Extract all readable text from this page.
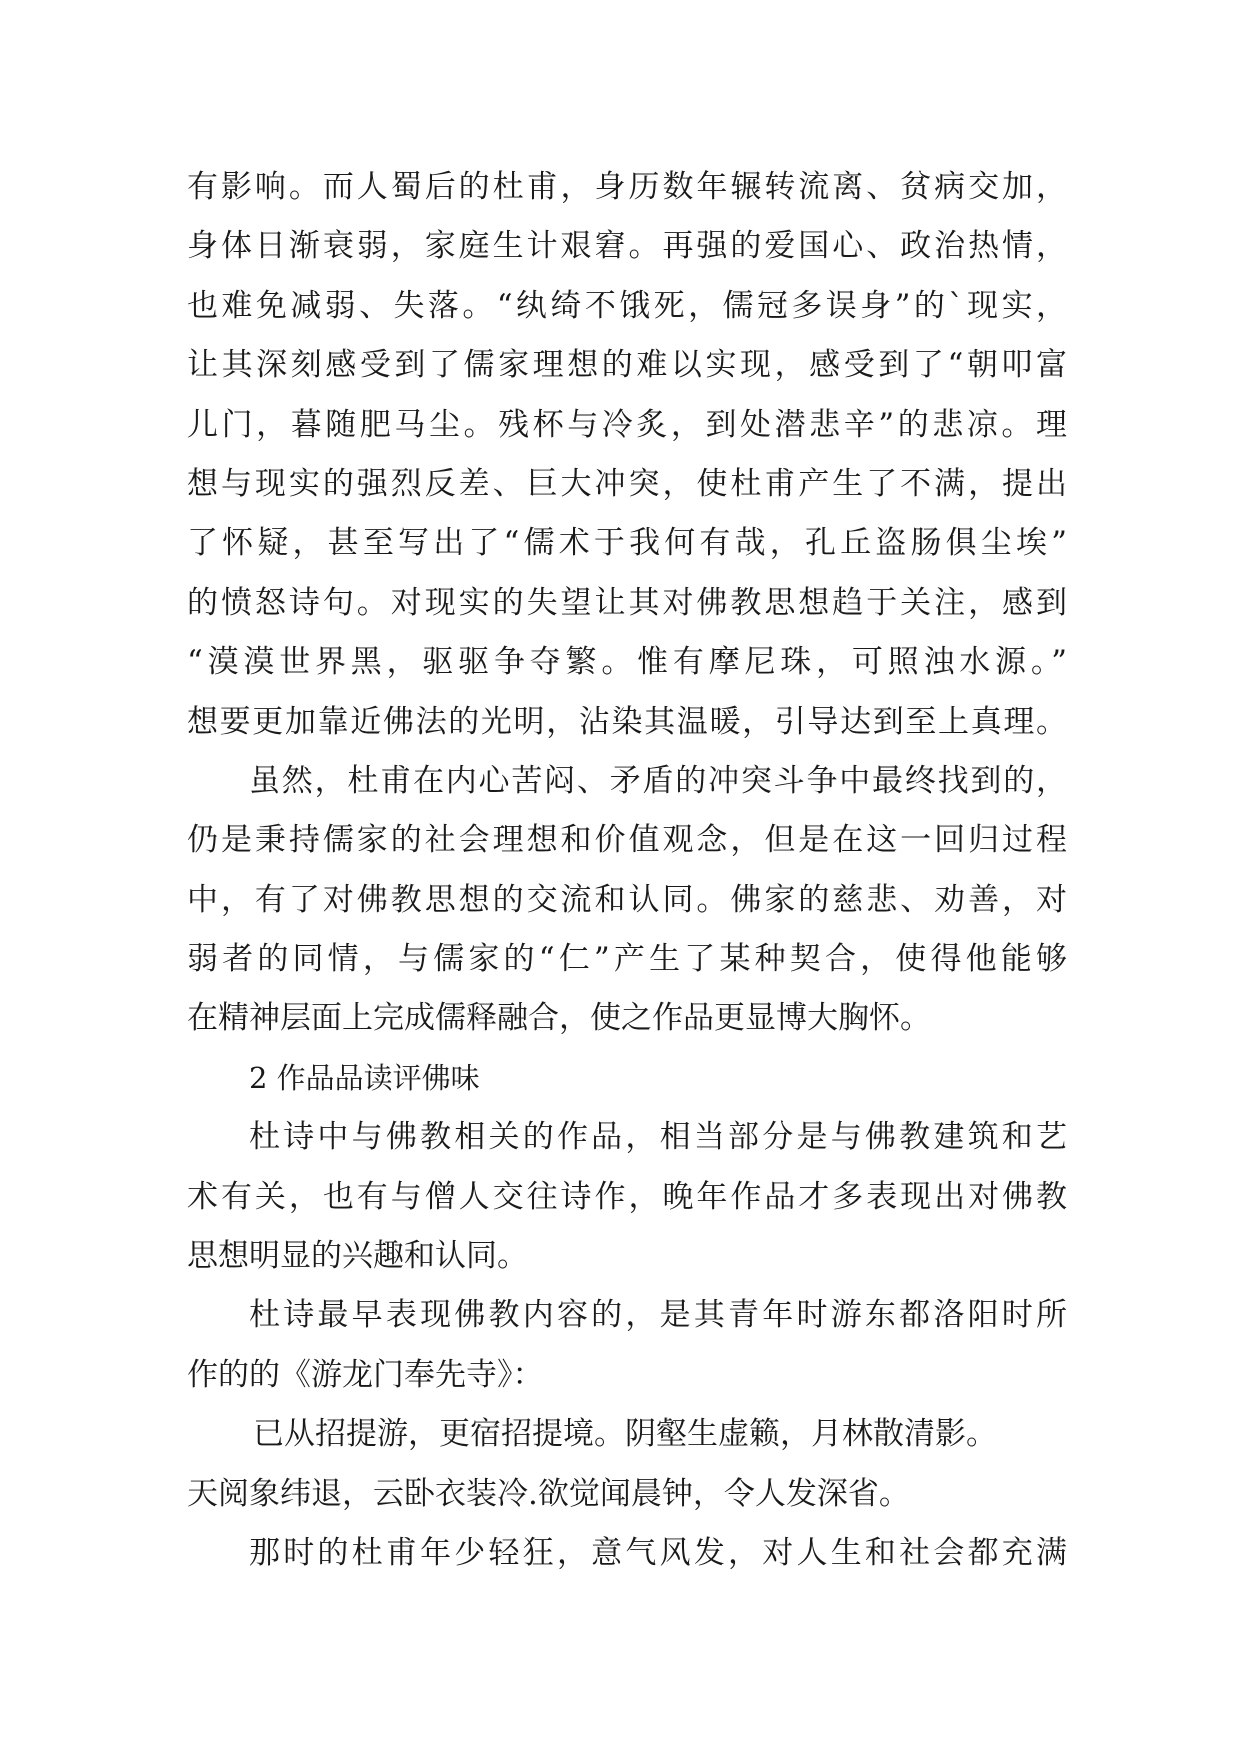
有影响。而人蜀后的杜甫，身历数年辗转流离、贫病交加，
身体日渐衰弱，家庭生计艰窘。再强的爱国心、政治热情，
也难免减弱、失落。“纨绮不饿死，儒冠多误身”的`现实，
让其深刻感受到了儒家理想的难以实现，感受到了“朝叩富
儿门，暮随肥马尘。残杯与冷炙，到处潜悲辛”的悲凉。理
想与现实的强烈反差、巨大冲突，使杜甫产生了不满，提出
了怀疑，甚至写出了“儒术于我何有哉，孔丘盗肠俱尘埃”
的愤怒诗句。对现实的失望让其对佛教思想趋于关注，感到
“漠漠世界黑，驱驱争夺繁。惟有摩尼珠，可照浊水源。”
想要更加靠近佛法的光明，沾染其温暖，引导达到至上真理。
虽然，杜甫在内心苦闷、矛盾的冲突斗争中最终找到的，
仍是秉持儒家的社会理想和价值观念，但是在这一回归过程
中，有了对佛教思想的交流和认同。佛家的慈悲、劝善，对
弱者的同情，与儒家的“仁”产生了某种契合，使得他能够
在精神层面上完成儒释融合，使之作品更显博大胸怀。
2 作品品读评佛味
杜诗中与佛教相关的作品，相当部分是与佛教建筑和艺
术有关，也有与僧人交往诗作，晚年作品才多表现出对佛教
思想明显的兴趣和认同。
杜诗最早表现佛教内容的，是其青年时游东都洛阳时所
作的的《游龙门奉先寺》：
已从招提游，更宿招提境。阴壑生虚籁，月林散清影。
天阅象纬退，云卧衣装冷.欲觉闻晨钟，令人发深省。
那时的杜甫年少轻狂，意气风发，对人生和社会都充满
